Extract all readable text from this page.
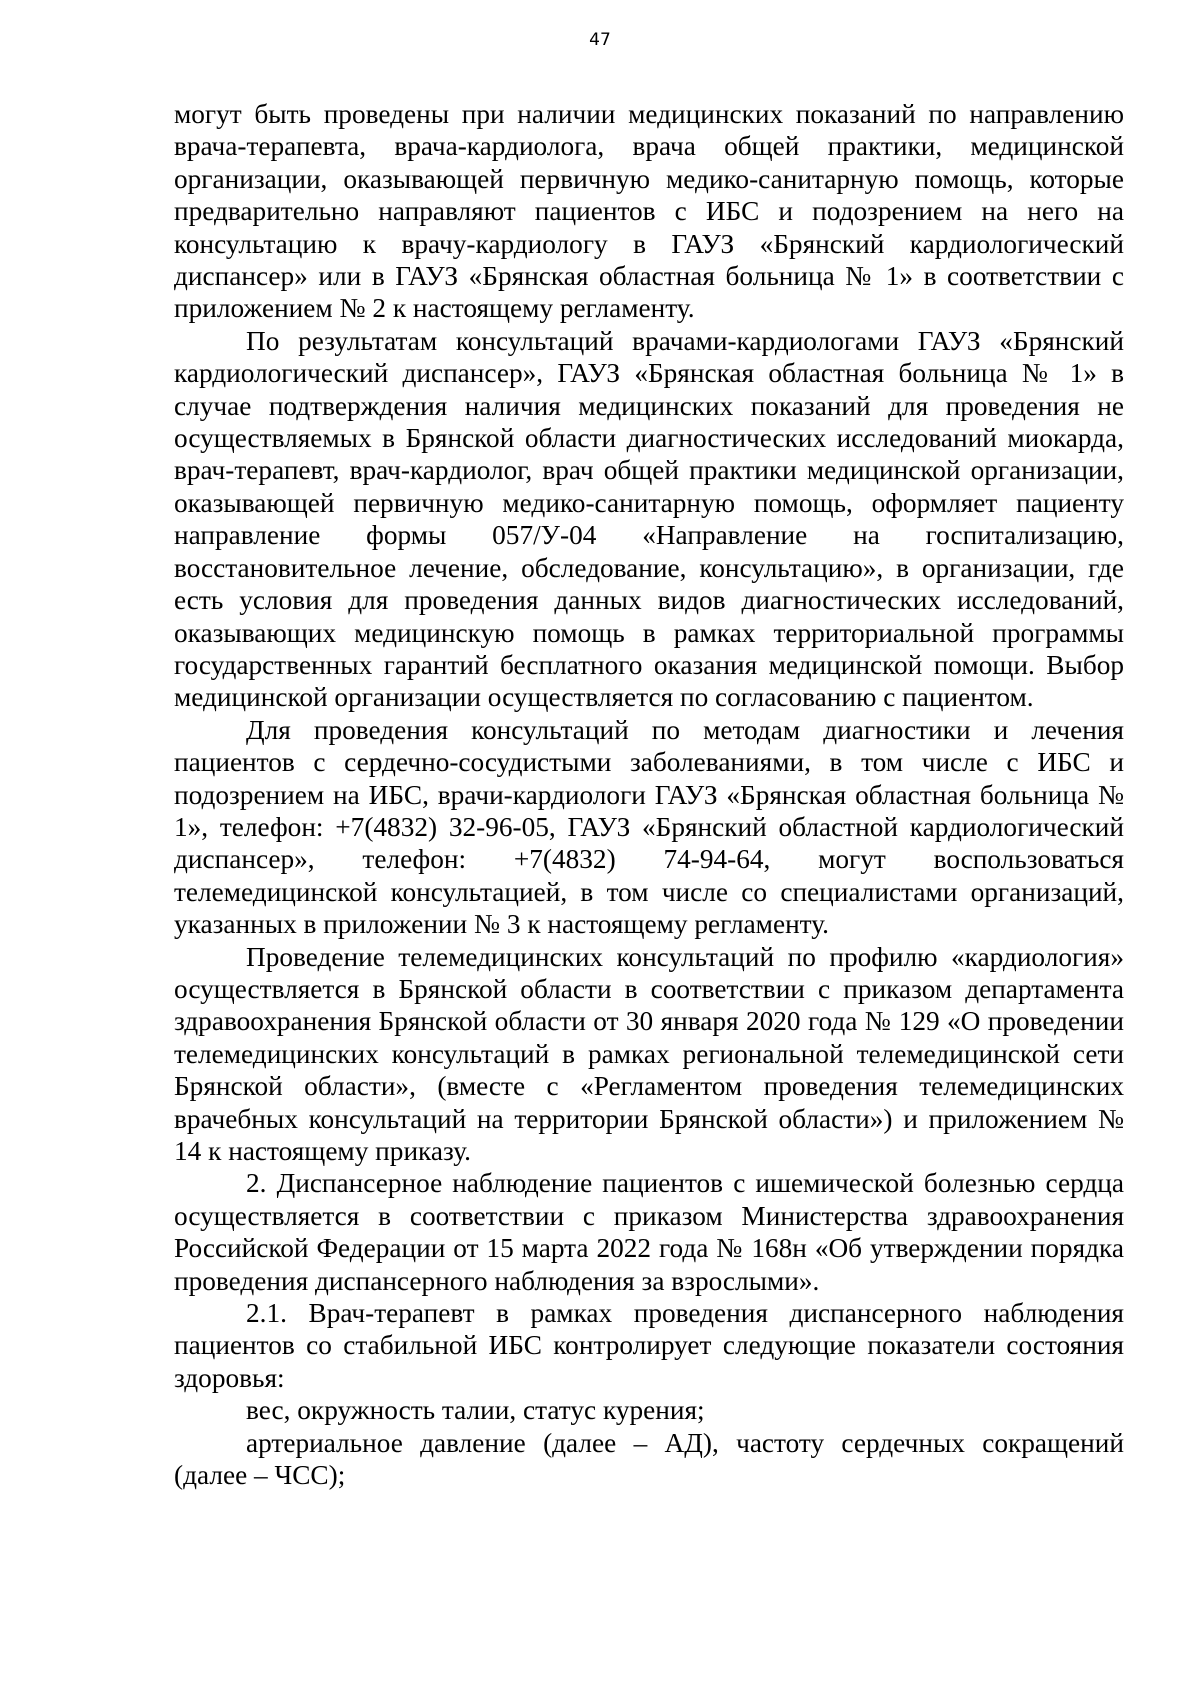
47

могут быть проведены при наличии медицинских показаний по направлению врача-терапевта, врача-кардиолога, врача общей практики, медицинской организации, оказывающей первичную медико-санитарную помощь, которые предварительно направляют пациентов с ИБС и подозрением на него на консультацию к врачу-кардиологу в ГАУЗ «Брянский кардиологический диспансер» или в ГАУЗ «Брянская областная больница № 1» в соответствии с приложением № 2 к настоящему регламенту.

По результатам консультаций врачами-кардиологами ГАУЗ «Брянский кардиологический диспансер», ГАУЗ «Брянская областная больница № 1» в случае подтверждения наличия медицинских показаний для проведения не осуществляемых в Брянской области диагностических исследований миокарда, врач-терапевт, врач-кардиолог, врач общей практики медицинской организации, оказывающей первичную медико-санитарную помощь, оформляет пациенту направление формы 057/У-04 «Направление на госпитализацию, восстановительное лечение, обследование, консультацию», в организации, где есть условия для проведения данных видов диагностических исследований, оказывающих медицинскую помощь в рамках территориальной программы государственных гарантий бесплатного оказания медицинской помощи. Выбор медицинской организации осуществляется по согласованию с пациентом.

Для проведения консультаций по методам диагностики и лечения пациентов с сердечно-сосудистыми заболеваниями, в том числе с ИБС и подозрением на ИБС, врачи-кардиологи ГАУЗ «Брянская областная больница № 1», телефон: +7(4832) 32-96-05, ГАУЗ «Брянский областной кардиологический диспансер», телефон: +7(4832) 74-94-64, могут воспользоваться телемедицинской консультацией, в том числе со специалистами организаций, указанных в приложении № 3 к настоящему регламенту.

Проведение телемедицинских консультаций по профилю «кардиология» осуществляется в Брянской области в соответствии с приказом департамента здравоохранения Брянской области от 30 января 2020 года № 129 «О проведении телемедицинских консультаций в рамках региональной телемедицинской сети Брянской области», (вместе с «Регламентом проведения телемедицинских врачебных консультаций на территории Брянской области») и приложением № 14 к настоящему приказу.

2. Диспансерное наблюдение пациентов с ишемической болезнью сердца осуществляется в соответствии с приказом Министерства здравоохранения Российской Федерации от 15 марта 2022 года № 168н «Об утверждении порядка проведения диспансерного наблюдения за взрослыми».

2.1. Врач-терапевт в рамках проведения диспансерного наблюдения пациентов со стабильной ИБС контролирует следующие показатели состояния здоровья:

вес, окружность талии, статус курения;

артериальное давление (далее – АД), частоту сердечных сокращений (далее – ЧСС);
